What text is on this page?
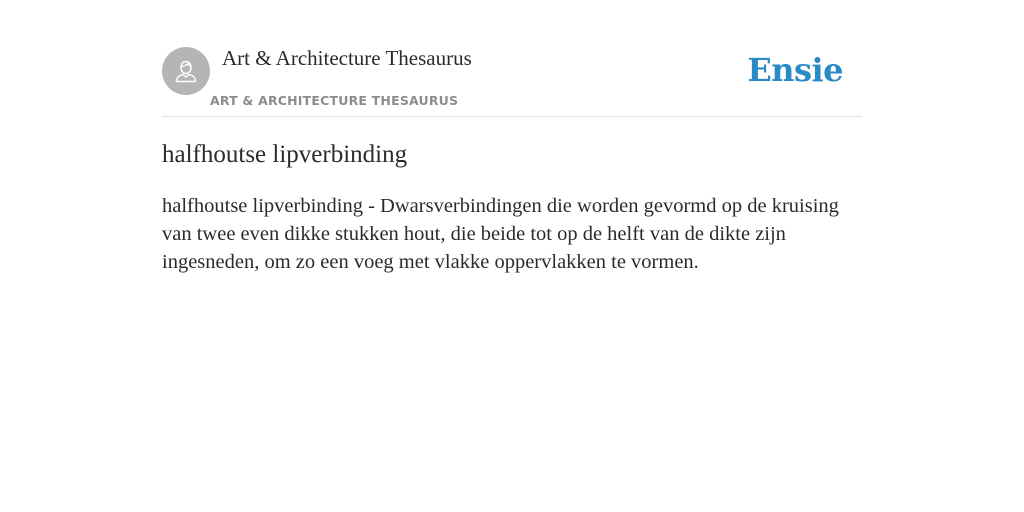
Art & Architecture Thesaurus
ART & ARCHITECTURE THESAURUS
Ensie
halfhoutse lipverbinding

halfhoutse lipverbinding - Dwarsverbindingen die worden gevormd op de kruising van twee even dikke stukken hout, die beide tot op de helft van de dikte zijn ingesneden, om zo een voeg met vlakke oppervlakken te vormen.
